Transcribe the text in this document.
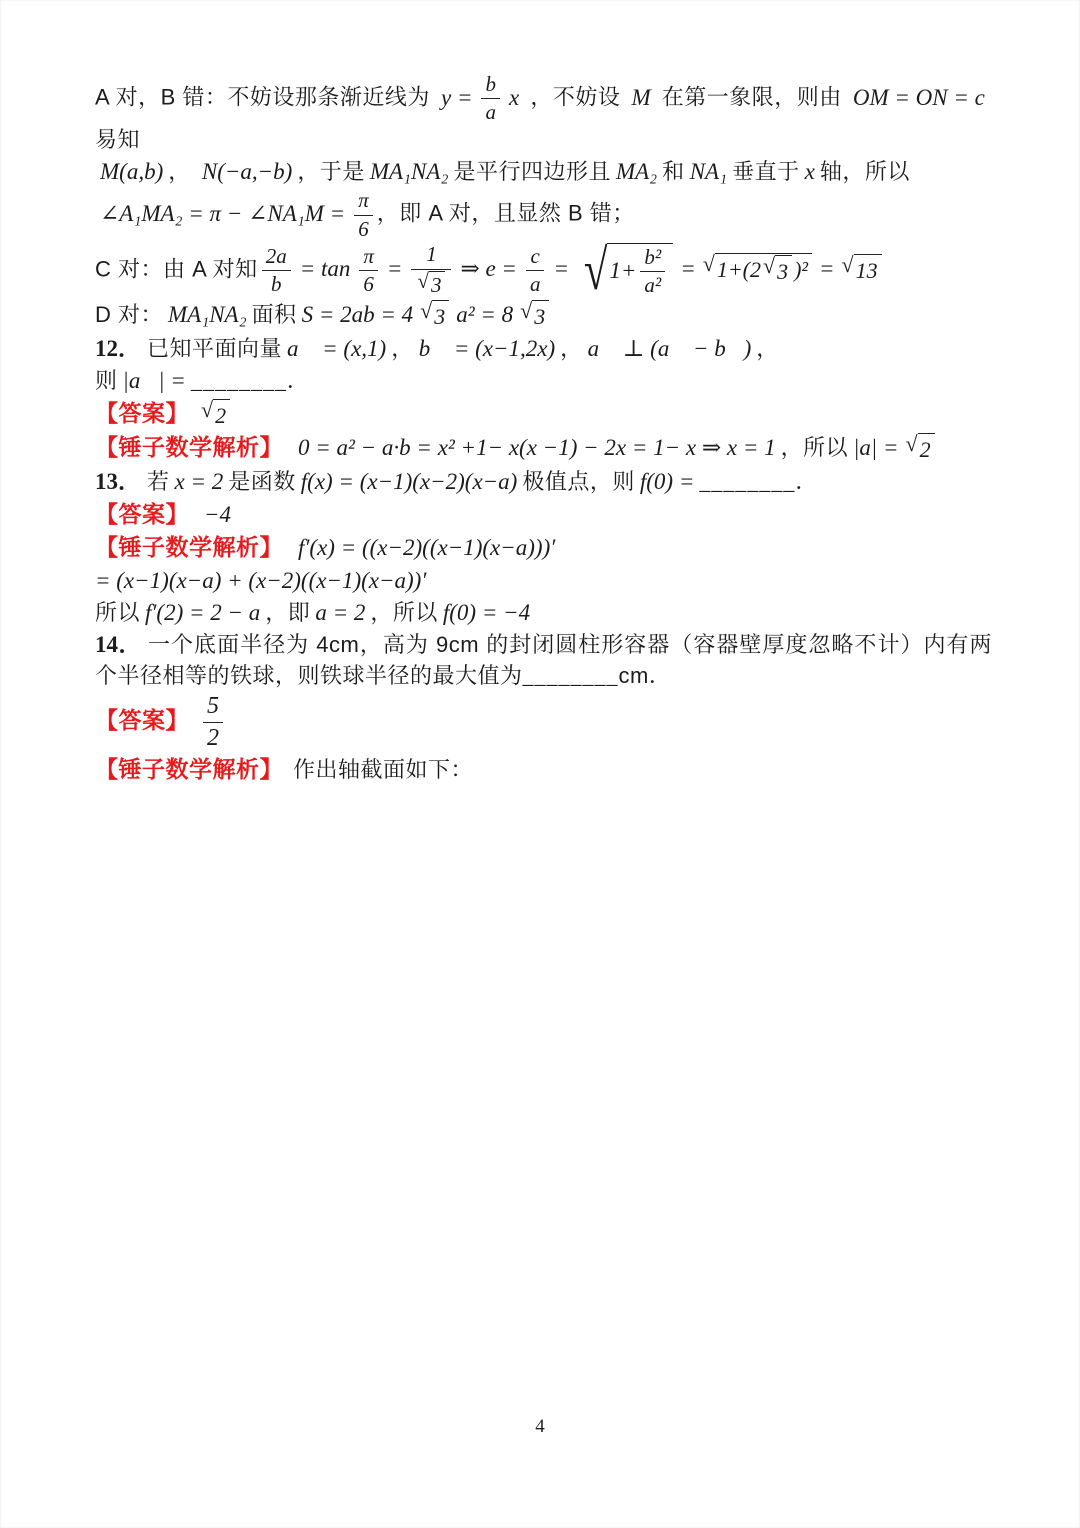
A 对，B 错：不妨设那条渐近线为 $y = \frac{b}{a}$ x ，不妨设 M 在第一象限，则由 OM = ON = c 易知

M(a,b) ， N(−a,−b) ，于是 MA₁NA₂ 是平行四边形且 MA₂ 和 NA₁ 垂直于 x 轴，所以

∠A₁MA₂ = π − ∠NA₁M = $\frac{\pi}{6}$ ，即 A 对，且显然 B 错；

C 对：由 A 对知 $\frac{2a}{b} = \tan \frac{\pi}{6} = \frac{1}{√ 3}$ ⇒ $e = \frac{c}{a}$ = √ $1+ \frac{\text{b²}}{\text{a²}}$ = √ 1+(2 √ 3 )² = √ 13

D 对： MA₁NA₂ 面积 S = 2ab = 4 √ 3 a² = 8 √ 3

12． 已知平面向量 a⃗ = (x,1) ， b⃗ = (x−1,2x) ， a⃗ ⊥ (a⃗ − b⃗) ，则 |a⃗| = ________．

【答案】 √ 2

【锤子数学解析】 0 = a² − a·b = x² +1− x(x −1) − 2x = 1− x ⇒ x = 1 ，所以 |a| = √ 2

13． 若 x = 2 是函数 f(x) = (x−1)(x−2)(x−a) 极值点，则 f(0) = ________．

【答案】 −4

【锤子数学解析】 f′(x) = ((x−2)((x−1)(x−a)))′

= (x−1)(x−a) + (x−2)((x−1)(x−a))′

所以 f′(2) = 2 − a ，即 a = 2 ，所以 f(0) = −4

14． 一个底面半径为 4cm，高为 9cm 的封闭圆柱形容器（容器壁厚度忽略不计）内有两个半径相等的铁球，则铁球半径的最大值为________cm．

【答案】 $\frac{5}{2}$

【锤子数学解析】 作出轴截面如下：

4
